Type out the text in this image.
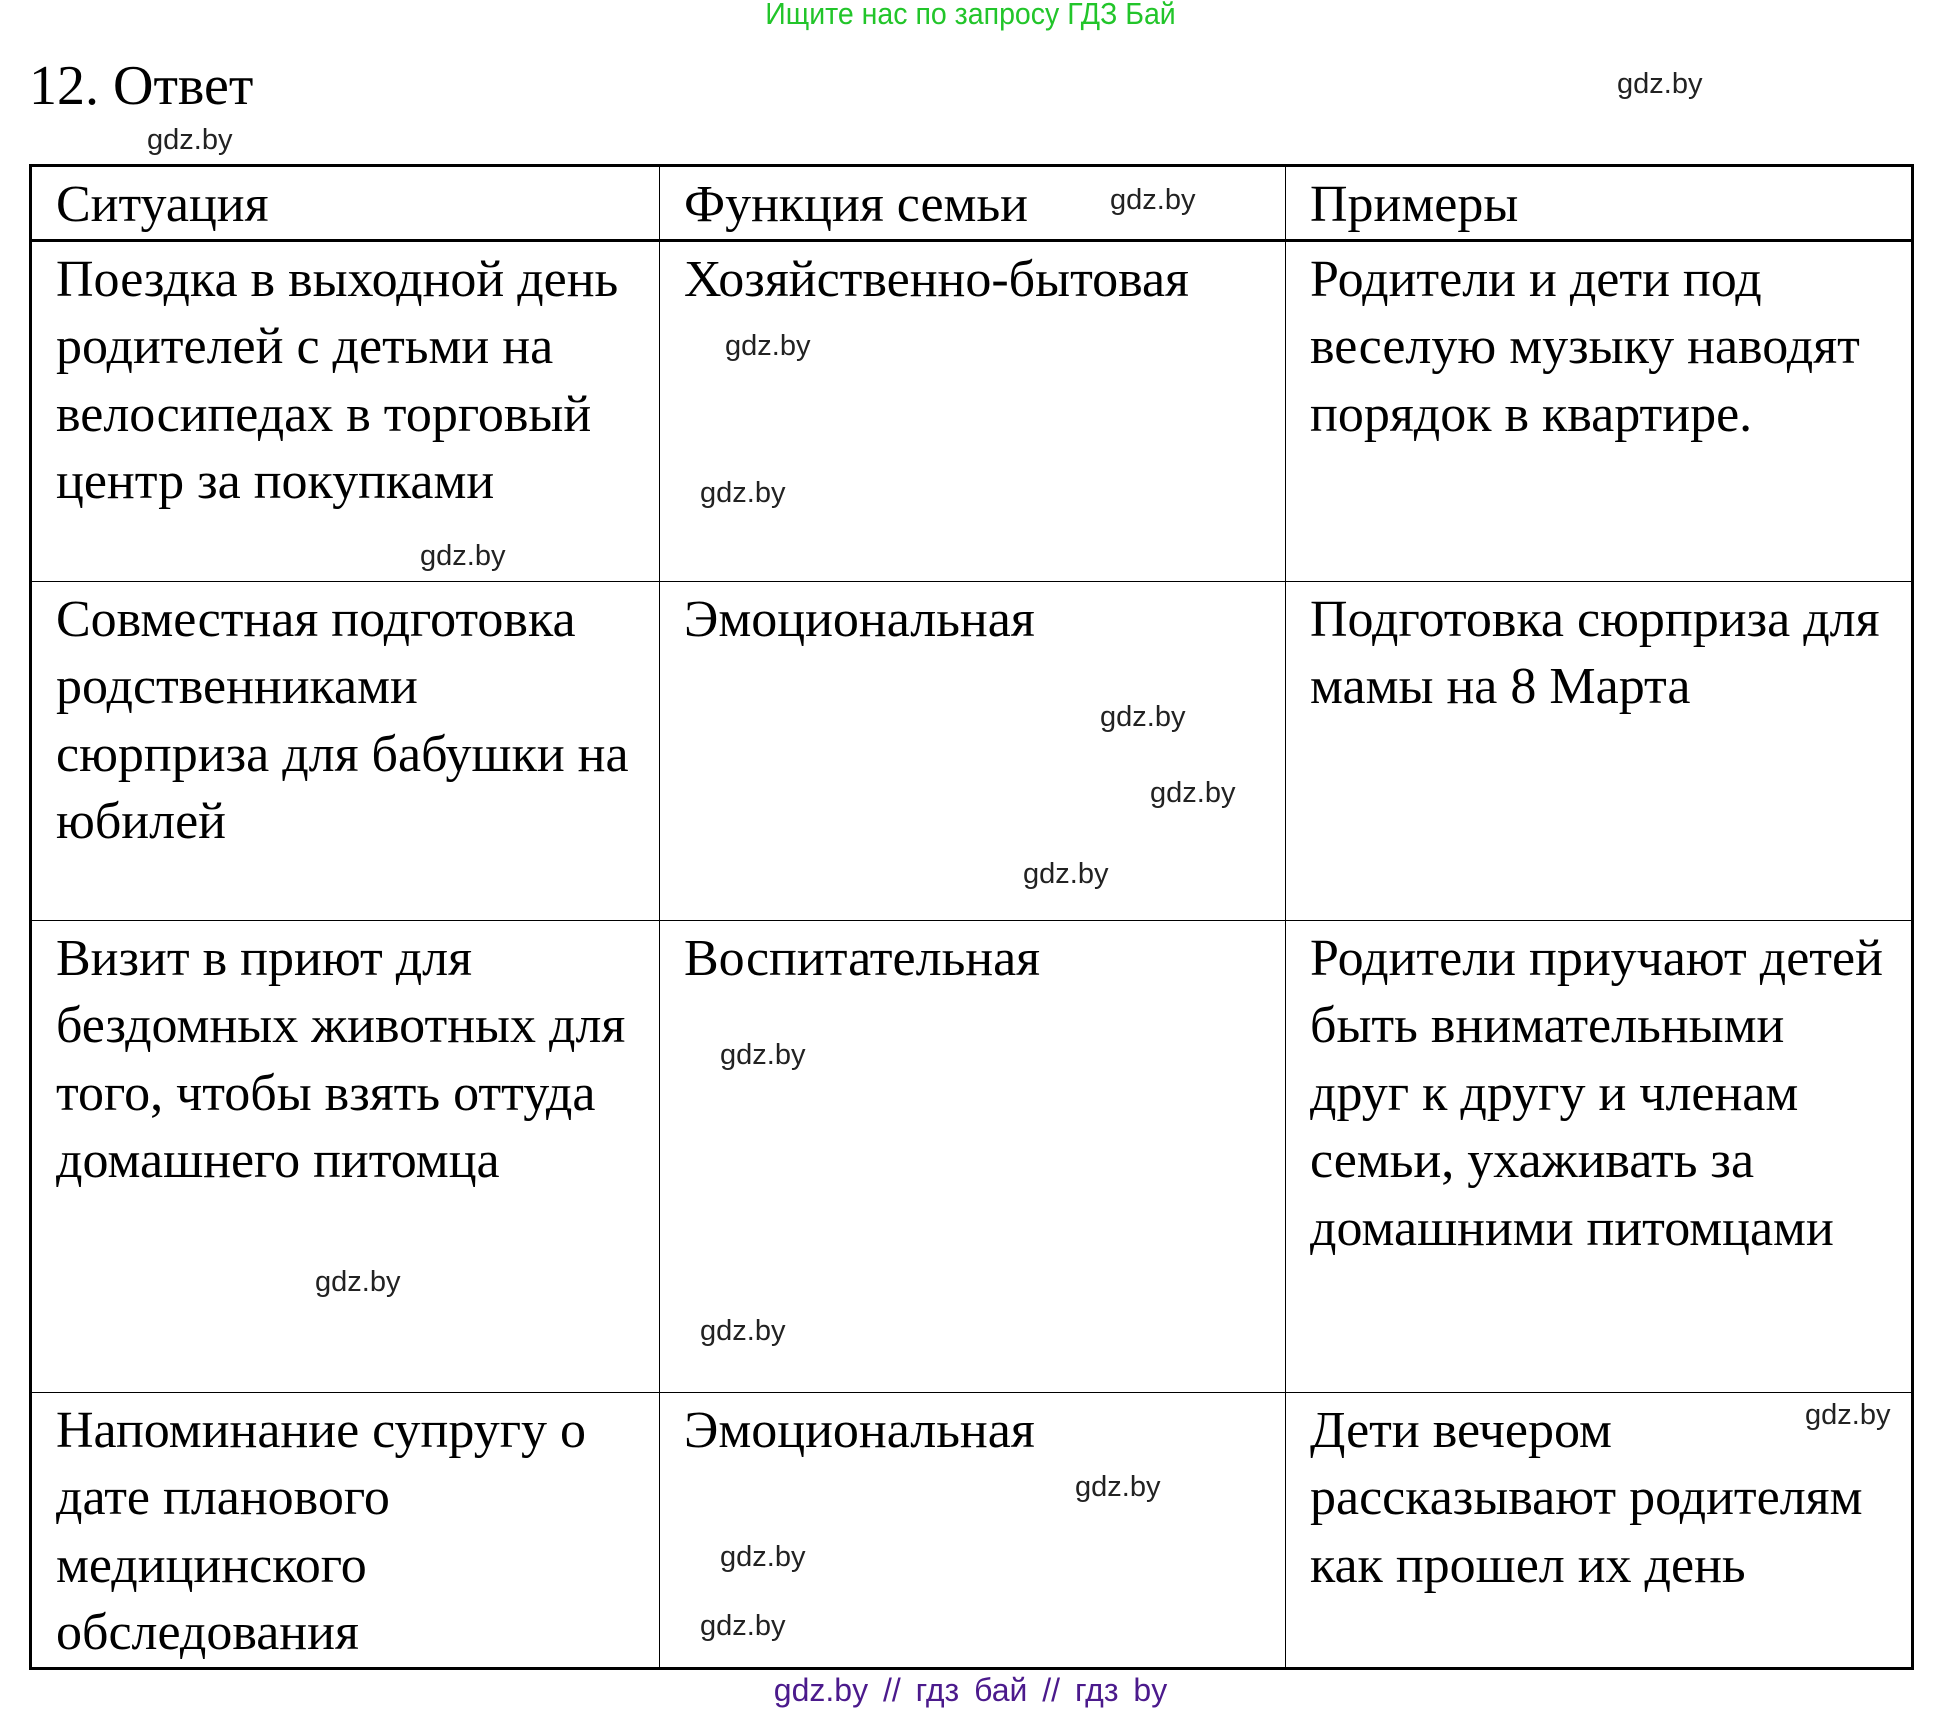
Ищите нас по запросу ГДЗ Бай
12. Ответ
Ситуация	Функция семьи	Примеры
Поездка в выходной день родителей с детьми на велосипедах в торговый центр за покупками	Хозяйственно-бытовая	Родители и дети под веселую музыку наводят порядок в квартире.
Совместная подготовка родственниками сюрприза для бабушки на юбилей	Эмоциональная	Подготовка сюрприза для мамы на 8 Марта
Визит в приют для бездомных животных для того, чтобы взять оттуда домашнего питомца	Воспитательная	Родители приучают детей быть внимательными друг к другу и членам семьи, ухаживать за домашними питомцами
Напоминание супругу о дате планового медицинского обследования	Эмоциональная	Дети вечером рассказывают родителям как прошел их день
gdz.by
gdz.by
gdz.by
gdz.by
gdz.by
gdz.by
gdz.by
gdz.by
gdz.by
gdz.by
gdz.by
gdz.by
gdz.by
gdz.by
gdz.by
gdz.by
gdz.by // гдз бай // гдз by
